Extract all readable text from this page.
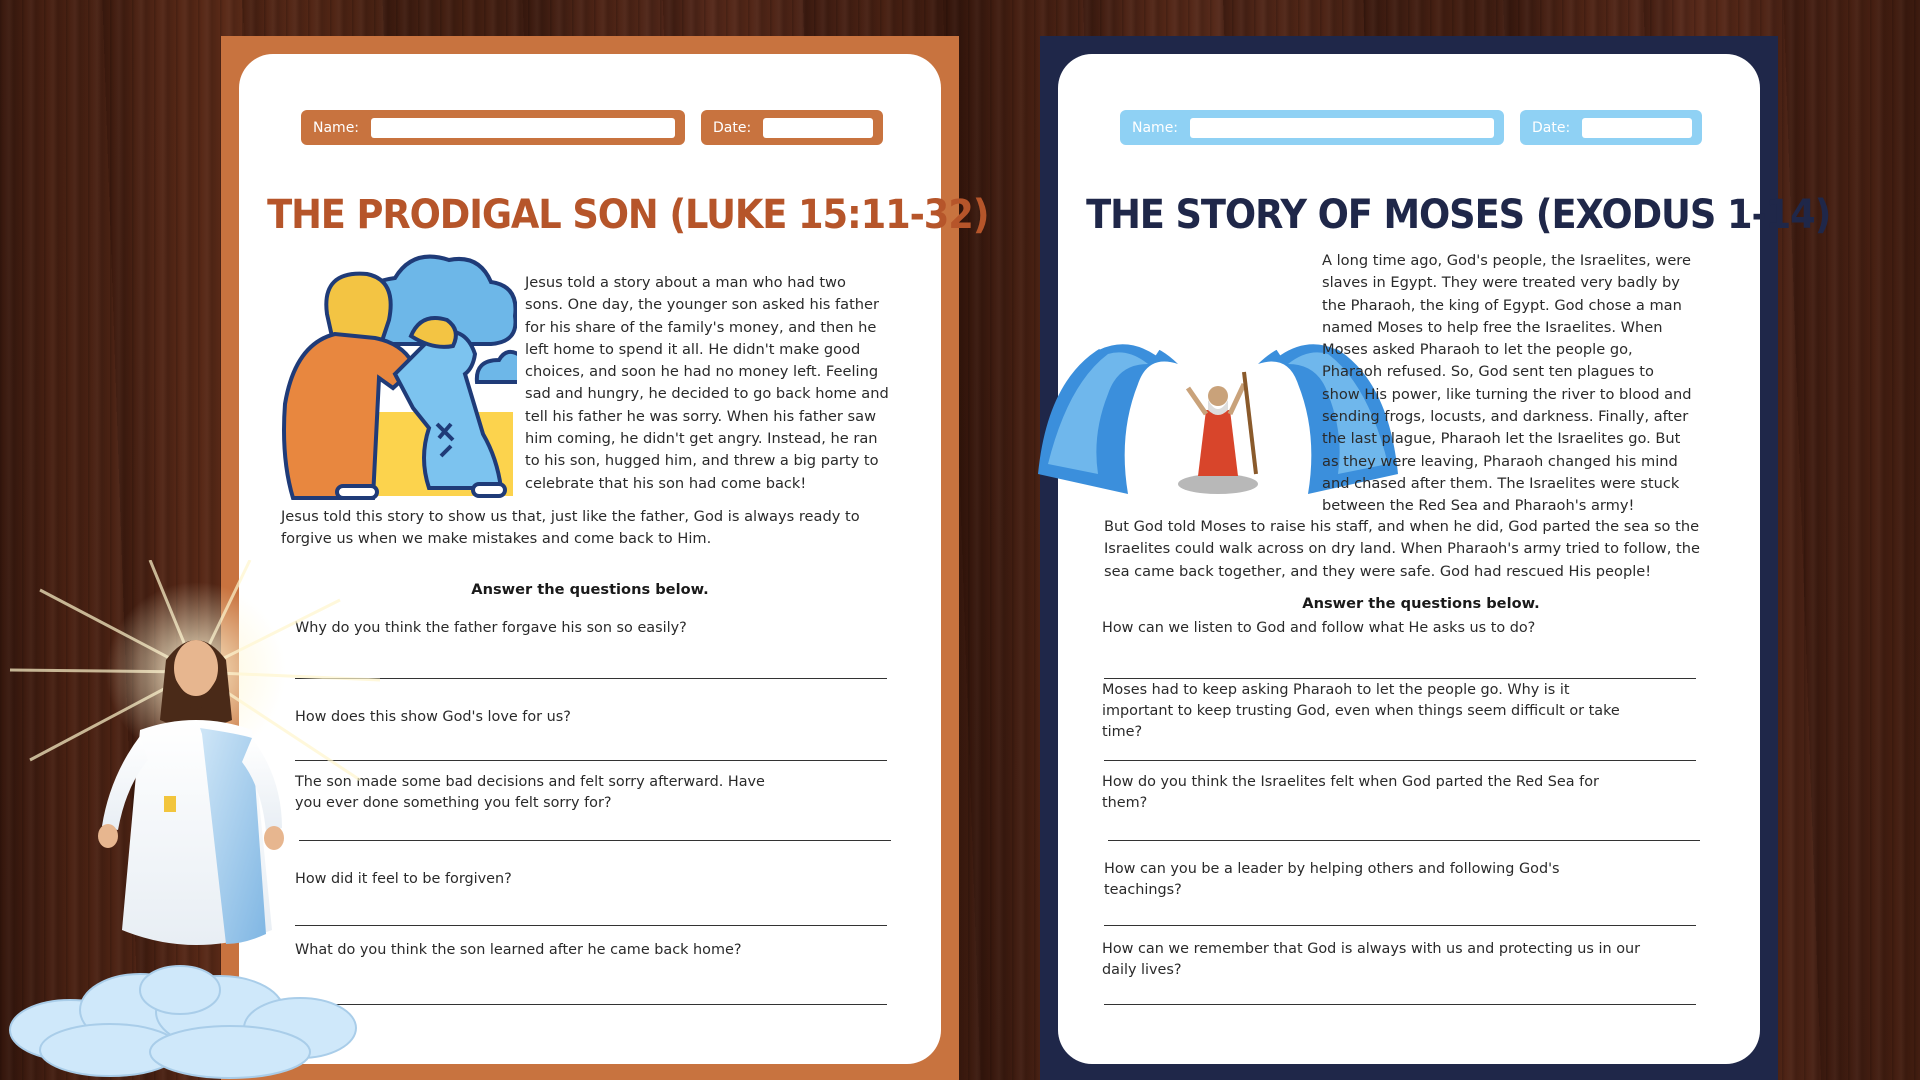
Name:	Date:
THE PRODIGAL SON (LUKE 15:11-32)
Jesus told a story about a man who had two
sons. One day, the younger son asked his father
for his share of the family's money, and then he
left home to spend it all. He didn't make good
choices, and soon he had no money left. Feeling
sad and hungry, he decided to go back home and
tell his father he was sorry. When his father saw
him coming, he didn't get angry. Instead, he ran
to his son, hugged him, and threw a big party to
celebrate that his son had come back!
Jesus told this story to show us that, just like the father, God is always ready to
forgive us when we make mistakes and come back to Him.
Answer the questions below.
Why do you think the father forgave his son so easily?
How does this show God's love for us?
The son made some bad decisions and felt sorry afterward. Have
you ever done something you felt sorry for?
How did it feel to be forgiven?
What do you think the son learned after he came back home?
Name:	Date:
THE STORY OF MOSES (EXODUS 1-14)
A long time ago, God's people, the Israelites, were
slaves in Egypt. They were treated very badly by
the Pharaoh, the king of Egypt. God chose a man
named Moses to help free the Israelites. When
Moses asked Pharaoh to let the people go,
Pharaoh refused. So, God sent ten plagues to
show His power, like turning the river to blood and
sending frogs, locusts, and darkness. Finally, after
the last plague, Pharaoh let the Israelites go. But
as they were leaving, Pharaoh changed his mind
and chased after them. The Israelites were stuck
between the Red Sea and Pharaoh's army!
But God told Moses to raise his staff, and when he did, God parted the sea so the
Israelites could walk across on dry land. When Pharaoh's army tried to follow, the
sea came back together, and they were safe. God had rescued His people!
Answer the questions below.
How can we listen to God and follow what He asks us to do?
Moses had to keep asking Pharaoh to let the people go. Why is it
important to keep trusting God, even when things seem difficult or take
time?
How do you think the Israelites felt when God parted the Red Sea for
them?
How can you be a leader by helping others and following God's
teachings?
How can we remember that God is always with us and protecting us in our
daily lives?
